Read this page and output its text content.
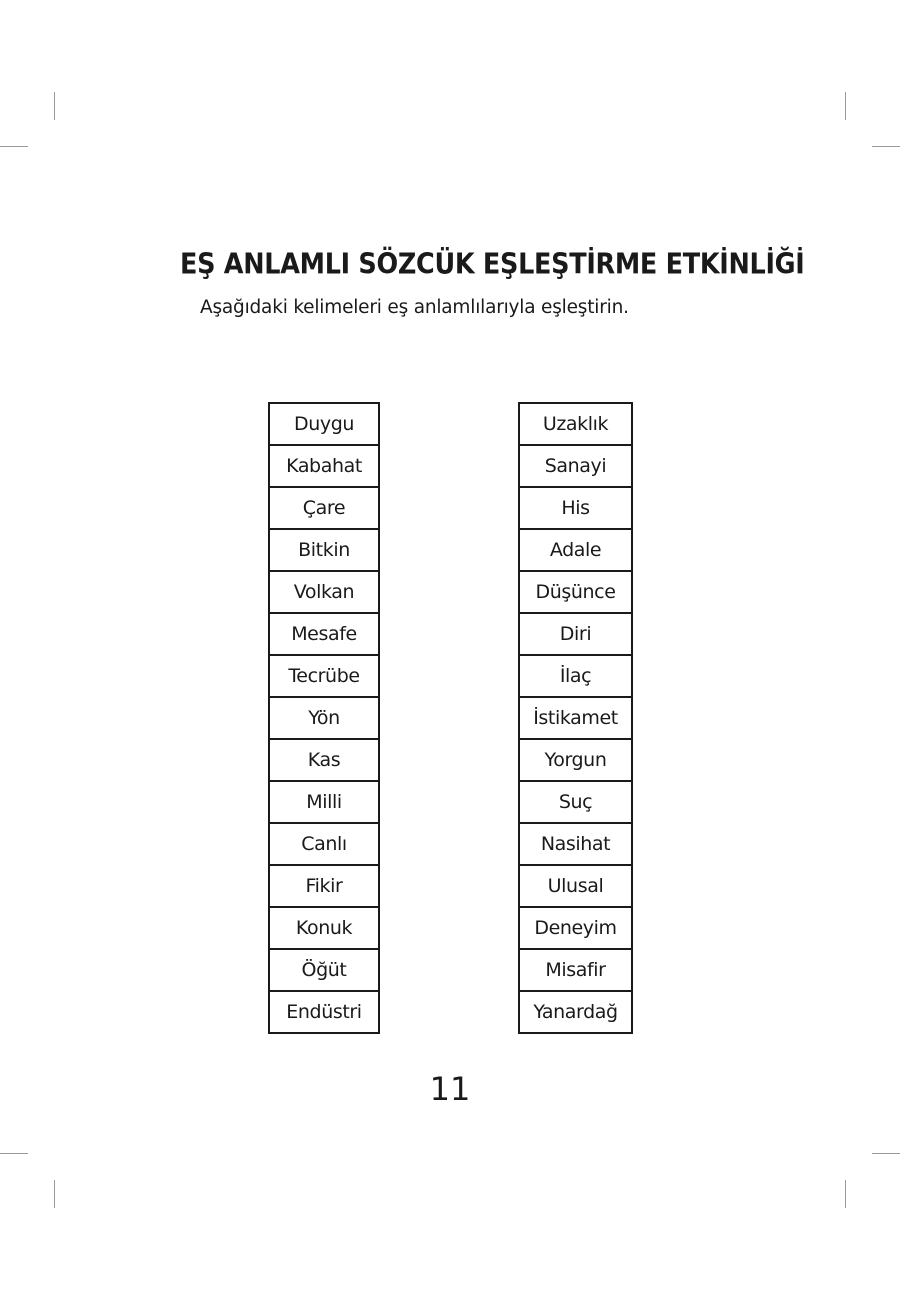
EŞ ANLAMLI SÖZCÜK EŞLEŞTİRME ETKİNLİĞİ

Aşağıdaki kelimeleri eş anlamlılarıyla eşleştirin.

Duygu
Kabahat
Çare
Bitkin
Volkan
Mesafe
Tecrübe
Yön
Kas
Milli
Canlı
Fikir
Konuk
Öğüt
Endüstri
Uzaklık
Sanayi
His
Adale
Düşünce
Diri
İlaç
İstikamet
Yorgun
Suç
Nasihat
Ulusal
Deneyim
Misafir
Yanardağ
11
